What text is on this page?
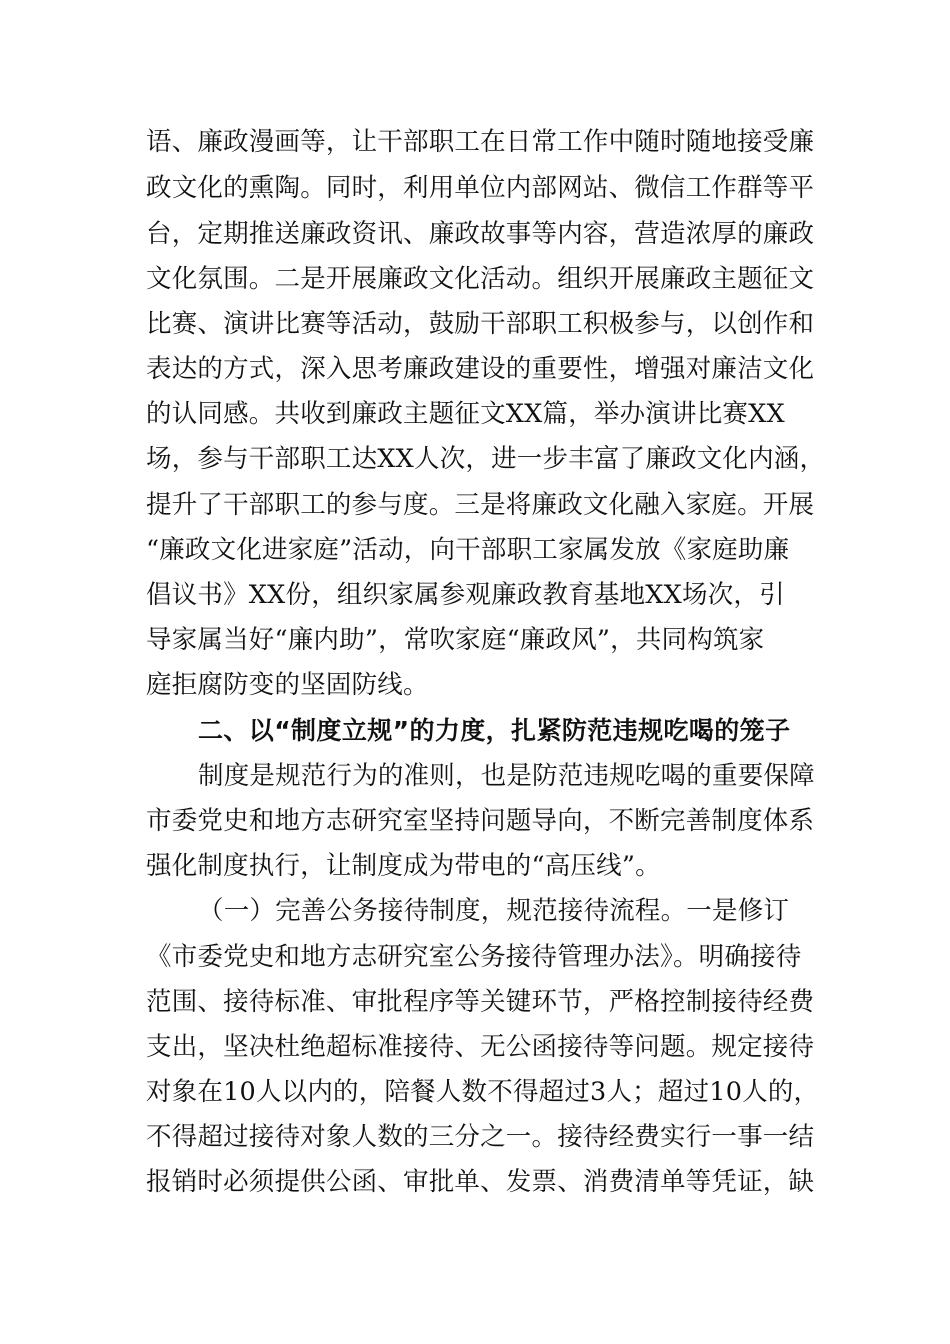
语、廉政漫画等，让干部职工在日常工作中随时随地接受廉
政文化的熏陶。同时，利用单位内部网站、微信工作群等平
台，定期推送廉政资讯、廉政故事等内容，营造浓厚的廉政
文化氛围。二是开展廉政文化活动。组织开展廉政主题征文
比赛、演讲比赛等活动，鼓励干部职工积极参与，以创作和
表达的方式，深入思考廉政建设的重要性，增强对廉洁文化
的认同感。共收到廉政主题征文XX篇，举办演讲比赛XX
场，参与干部职工达XX人次，进一步丰富了廉政文化内涵，
提升了干部职工的参与度。三是将廉政文化融入家庭。开展
“廉政文化进家庭”活动，向干部职工家属发放《家庭助廉
倡议书》XX份，组织家属参观廉政教育基地XX场次，引
导家属当好“廉内助”，常吹家庭“廉政风”，共同构筑家
庭拒腐防变的坚固防线。
二、以“制度立规”的力度，扎紧防范违规吃喝的笼子
制度是规范行为的准则，也是防范违规吃喝的重要保障
市委党史和地方志研究室坚持问题导向，不断完善制度体系
强化制度执行，让制度成为带电的“高压线”。
（一）完善公务接待制度，规范接待流程。一是修订
《市委党史和地方志研究室公务接待管理办法》。明确接待
范围、接待标准、审批程序等关键环节，严格控制接待经费
支出，坚决杜绝超标准接待、无公函接待等问题。规定接待
对象在10人以内的，陪餐人数不得超过3人；超过10人的，
不得超过接待对象人数的三分之一。接待经费实行一事一结
报销时必须提供公函、审批单、发票、消费清单等凭证，缺
